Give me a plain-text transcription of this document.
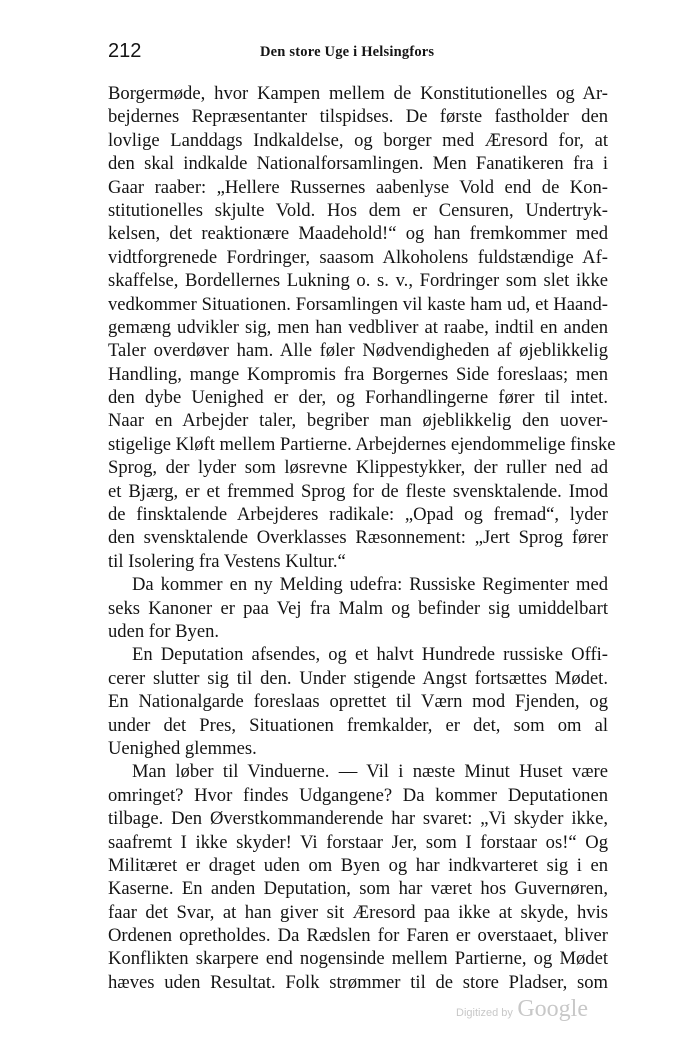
212	Den store Uge i Helsingfors
Borgermøde, hvor Kampen mellem de Konstitutionelles og Ar-
bejdernes Repræsentanter tilspidses. De første fastholder den
lovlige Landdags Indkaldelse, og borger med Æresord for, at
den skal indkalde Nationalforsamlingen. Men Fanatikeren fra i
Gaar raaber: „Hellere Russernes aabenlyse Vold end de Kon-
stitutionelles skjulte Vold. Hos dem er Censuren, Undertryk-
kelsen, det reaktionære Maadehold!“ og han fremkommer med
vidtforgrenede Fordringer, saasom Alkoholens fuldstændige Af-
skaffelse, Bordellernes Lukning o. s. v., Fordringer som slet ikke
vedkommer Situationen. Forsamlingen vil kaste ham ud, et Haand-
gemæng udvikler sig, men han vedbliver at raabe, indtil en anden
Taler overdøver ham. Alle føler Nødvendigheden af øjeblikkelig
Handling, mange Kompromis fra Borgernes Side foreslaas; men
den dybe Uenighed er der, og Forhandlingerne fører til intet.
Naar en Arbejder taler, begriber man øjeblikkelig den uover-
stigelige Kløft mellem Partierne. Arbejdernes ejendommelige finske
Sprog, der lyder som løsrevne Klippestykker, der ruller ned ad
et Bjærg, er et fremmed Sprog for de fleste svensktalende. Imod
de finsktalende Arbejderes radikale: „Opad og fremad“, lyder
den svensktalende Overklasses Ræsonnement: „Jert Sprog fører
til Isolering fra Vestens Kultur.“
Da kommer en ny Melding udefra: Russiske Regimenter med
seks Kanoner er paa Vej fra Malm og befinder sig umiddelbart
uden for Byen.
En Deputation afsendes, og et halvt Hundrede russiske Offi-
cerer slutter sig til den. Under stigende Angst fortsættes Mødet.
En Nationalgarde foreslaas oprettet til Værn mod Fjenden, og
under det Pres, Situationen fremkalder, er det, som om al
Uenighed glemmes.
Man løber til Vinduerne. — Vil i næste Minut Huset være
omringet? Hvor findes Udgangene? Da kommer Deputationen
tilbage. Den Øverstkommanderende har svaret: „Vi skyder ikke,
saafremt I ikke skyder! Vi forstaar Jer, som I forstaar os!“ Og
Militæret er draget uden om Byen og har indkvarteret sig i en
Kaserne. En anden Deputation, som har været hos Guvernøren,
faar det Svar, at han giver sit Æresord paa ikke at skyde, hvis
Ordenen opretholdes. Da Rædslen for Faren er overstaaet, bliver
Konflikten skarpere end nogensinde mellem Partierne, og Mødet
hæves uden Resultat. Folk strømmer til de store Pladser, som
Digitized by Google
